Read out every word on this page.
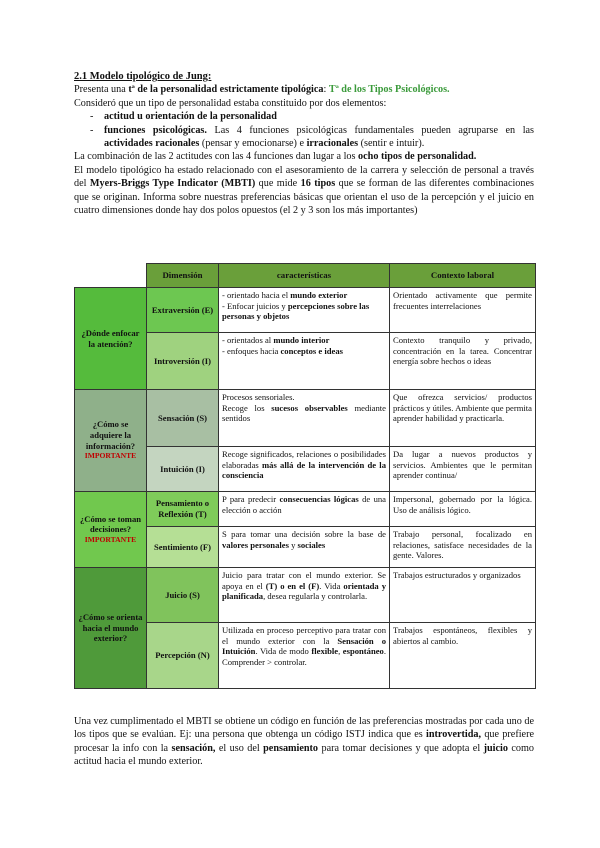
2.1 Modelo tipológico de Jung:

Presenta una tª de la personalidad estrictamente tipológica: Tª de los Tipos Psicológicos.

Consideró que un tipo de personalidad estaba constituido por dos elementos:

- actitud u orientación de la personalidad
- funciones psicológicas. Las 4 funciones psicológicas fundamentales pueden agruparse en las actividades racionales (pensar y emocionarse) e irracionales (sentir e intuir).

La combinación de las 2 actitudes con las 4 funciones dan lugar a los ocho tipos de personalidad.

El modelo tipológico ha estado relacionado con el asesoramiento de la carrera y selección de personal a través del Myers-Briggs Type Indicator (MBTI) que mide 16 tipos que se forman de las diferentes combinaciones que se originan. Informa sobre nuestras preferencias básicas que orientan el uso de la percepción y el juicio en cuatro dimensiones donde hay dos polos opuestos (el 2 y 3 son los más importantes)

	Dimensión	características	Contexto laboral
¿Dónde enfocar la atención?	Extraversión (E)	- orientado hacia el mundo exterior
- Enfocar juicios y percepciones sobre las personas y objetos	Orientado activamente que permite frecuentes interrelaciones
	Introversión (I)	- orientados al mundo interior
- enfoques hacia conceptos e ideas	Contexto tranquilo y privado, concentración en la tarea. Concentrar energía sobre hechos o ideas
¿Cómo se adquiere la información?
IMPORTANTE	Sensación (S)	Procesos sensoriales.
Recoge los sucesos observables mediante sentidos	Que ofrezca servicios/ productos prácticos y útiles. Ambiente que permita aprender habilidad y practicarla.
	Intuición (I)	Recoge significados, relaciones o posibilidades elaboradas más allá de la intervención de la consciencia	Da lugar a nuevos productos y servicios. Ambientes que le permitan aprender continua/
¿Cómo se toman decisiones?
IMPORTANTE	Pensamiento o Reflexión (T)	P para predecir consecuencias lógicas de una elección o acción	Impersonal, gobernado por la lógica. Uso de análisis lógico.
	Sentimiento (F)	S para tomar una decisión sobre la base de valores personales y sociales	Trabajo personal, focalizado en relaciones, satisface necesidades de la gente. Valores.
¿Cómo se orienta hacia el mundo exterior?	Juicio (S)	Juicio para tratar con el mundo exterior. Se apoya en el (T) o en el (F). Vida orientada y planificada, desea regularla y controlarla.	Trabajos estructurados y organizados
	Percepción (N)	Utilizada en proceso perceptivo para tratar con el mundo exterior con la Sensación o Intuición. Vida de modo flexible, espontáneo. Comprender > controlar.	Trabajos espontáneos, flexibles y abiertos al cambio.

Una vez cumplimentado el MBTI se obtiene un código en función de las preferencias mostradas por cada uno de los tipos que se evalúan. Ej: una persona que obtenga un código ISTJ indica que es introvertida, que prefiere procesar la info con la sensación, el uso del pensamiento para tomar decisiones y que adopta el juicio como actitud hacia el mundo exterior.
